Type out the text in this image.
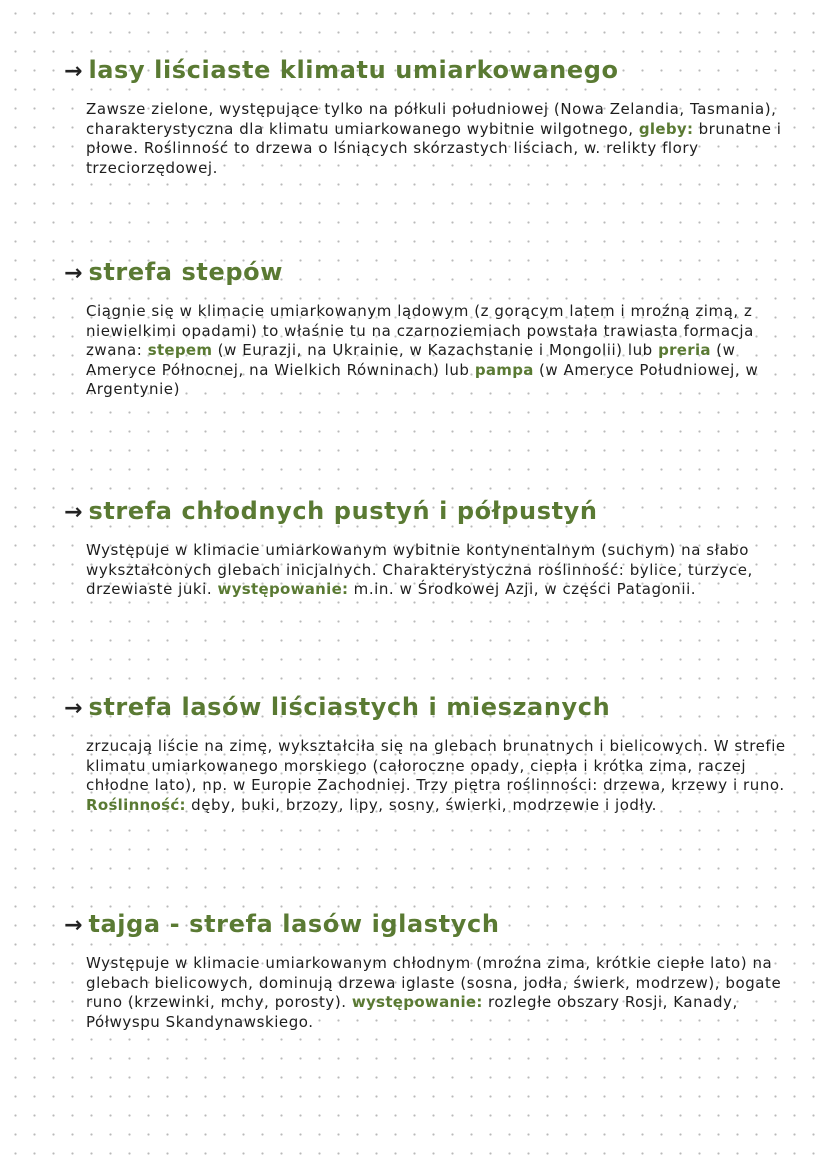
→ lasy liściaste klimatu umiarkowanego

Zawsze zielone, występujące tylko na półkuli południowej (Nowa Zelandia, Tasmania), charakterystyczna dla klimatu umiarkowanego wybitnie wilgotnego, gleby: brunatne i płowe. Roślinność to drzewa o lśniących skórzastych liściach, w. relikty flory trzeciorzędowej.

→ strefa stepów

Ciągnie się w klimacie umiarkowanym lądowym (z gorącym latem i mroźną zimą, z niewielkimi opadami) to właśnie tu na czarnoziemiach powstała trawiasta formacja zwana: stepem (w Eurazji, na Ukrainie, w Kazachstanie i Mongolii) lub preria (w Ameryce Północnej, na Wielkich Równinach) lub pampa (w Ameryce Południowej, w Argentynie)

→ strefa chłodnych pustyń i półpustyń

Występuje w klimacie umiarkowanym wybitnie kontynentalnym (suchym) na słabo wykształconych glebach inicjalnych. Charakterystyczna roślinność: bylice, turzyce, drzewiaste juki. występowanie: m.in. w Środkowej Azji, w części Patagonii.

→ strefa lasów liściastych i mieszanych

zrzucają liście na zimę, wykształciła się na glebach brunatnych i bielicowych. W strefie klimatu umiarkowanego morskiego (całoroczne opady, ciepła i krótka zima, raczej chłodne lato), np. w Europie Zachodniej. Trzy piętra roślinności: drzewa, krzewy i runo. Roślinność: dęby, buki, brzozy, lipy, sosny, świerki, modrzewie i jodły.

→ tajga - strefa lasów iglastych

Występuje w klimacie umiarkowanym chłodnym (mroźna zima, krótkie ciepłe lato) na glebach bielicowych, dominują drzewa iglaste (sosna, jodła, świerk, modrzew), bogate runo (krzewinki, mchy, porosty). występowanie: rozległe obszary Rosji, Kanady, Półwyspu Skandynawskiego.
